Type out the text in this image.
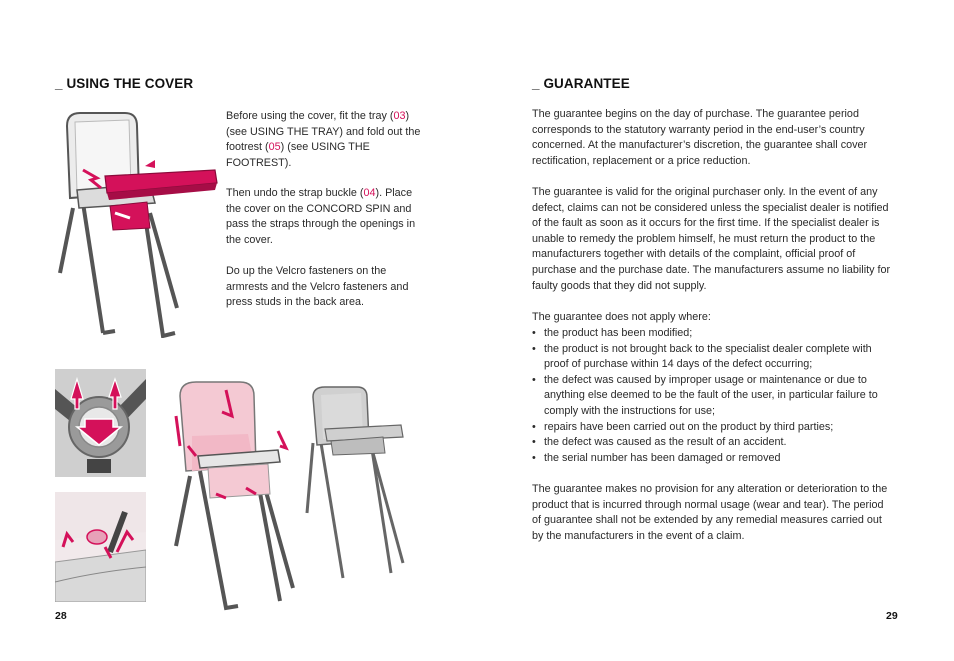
_ USING THE COVER
Before using the cover, fit the tray (03) (see USING THE TRAY) and fold out the footrest (05) (see USING THE FOOTREST).
Then undo the strap buckle (04). Place the cover on the CONCORD SPIN and pass the straps through the openings in the cover.

Do up the Velcro fasteners on the armrests and the Velcro fasteners and press studs in the back area.

28
_ GUARANTEE

The guarantee begins on the day of purchase. The guarantee period corresponds to the statutory warranty period in the end-user’s country concerned. At the manufacturer’s discretion, the guarantee shall cover rectification, replacement or a price reduction.

The guarantee is valid for the original purchaser only. In the event of any defect, claims can not be considered unless the specialist dealer is notified of the fault as soon as it occurs for the first time. If the specialist dealer is unable to remedy the problem himself, he must return the product to the manufacturers together with details of the complaint, official proof of purchase and the purchase date. The manufacturers assume no liability for faulty goods that they did not supply.

The guarantee does not apply where:

• the product has been modified;
• the product is not brought back to the specialist dealer complete with proof of purchase within 14 days of the defect occurring;
• the defect was caused by improper usage or maintenance or due to anything else deemed to be the fault of the user, in particular failure to comply with the instructions for use;
• repairs have been carried out on the product by third parties;
• the defect was caused as the result of an accident.
• the serial number has been damaged or removed

The guarantee makes no provision for any alteration or deterioration to the product that is incurred through normal usage (wear and tear). The period of guarantee shall not be extended by any remedial measures carried out by the manufacturers in the event of a claim.

29
